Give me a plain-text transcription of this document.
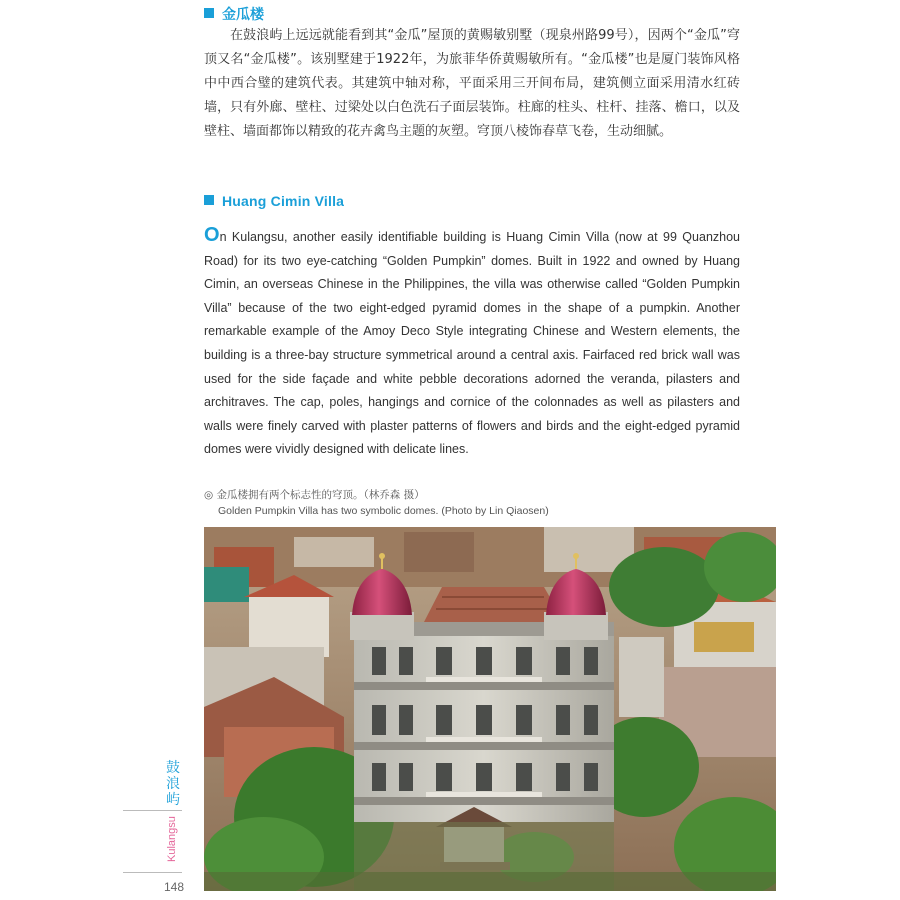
金瓜楼

在鼓浪屿上远远就能看到其“金瓜”屋顶的黄赐敏别墅（现泉州路99号），因两个“金瓜”穹顶又名“金瓜楼”。该别墅建于1922年，为旅菲华侨黄赐敏所有。“金瓜楼”也是厦门装饰风格中中西合璧的建筑代表。其建筑中轴对称，平面采用三开间布局，建筑侧立面采用清水红砖墙，只有外廊、壁柱、过梁处以白色洗石子面层装饰。柱廊的柱头、柱杆、挂落、檐口，以及壁柱、墙面都饰以精致的花卉禽鸟主题的灰塑。穹顶八棱饰春草飞卷，生动细腻。

Huang Cimin Villa

On Kulangsu, another easily identifiable building is Huang Cimin Villa (now at 99 Quanzhou Road) for its two eye-catching “Golden Pumpkin” domes. Built in 1922 and owned by Huang Cimin, an overseas Chinese in the Philippines, the villa was otherwise called “Golden Pumpkin Villa” because of the two eight-edged pyramid domes in the shape of a pumpkin. Another remarkable example of the Amoy Deco Style integrating Chinese and Western elements, the building is a three-bay structure symmetrical around a central axis. Fairfaced red brick wall was used for the side façade and white pebble decorations adorned the veranda, pilasters and architraves. The cap, poles, hangings and cornice of the colonnades as well as pilasters and walls were finely carved with plaster patterns of flowers and birds and the eight-edged pyramid domes were vividly designed with delicate lines.

◎ 金瓜楼拥有两个标志性的穹顶。（林乔森 摄）
Golden Pumpkin Villa has two symbolic domes. (Photo by Lin Qiaosen)
鼓浪屿
Kulangsu
148
